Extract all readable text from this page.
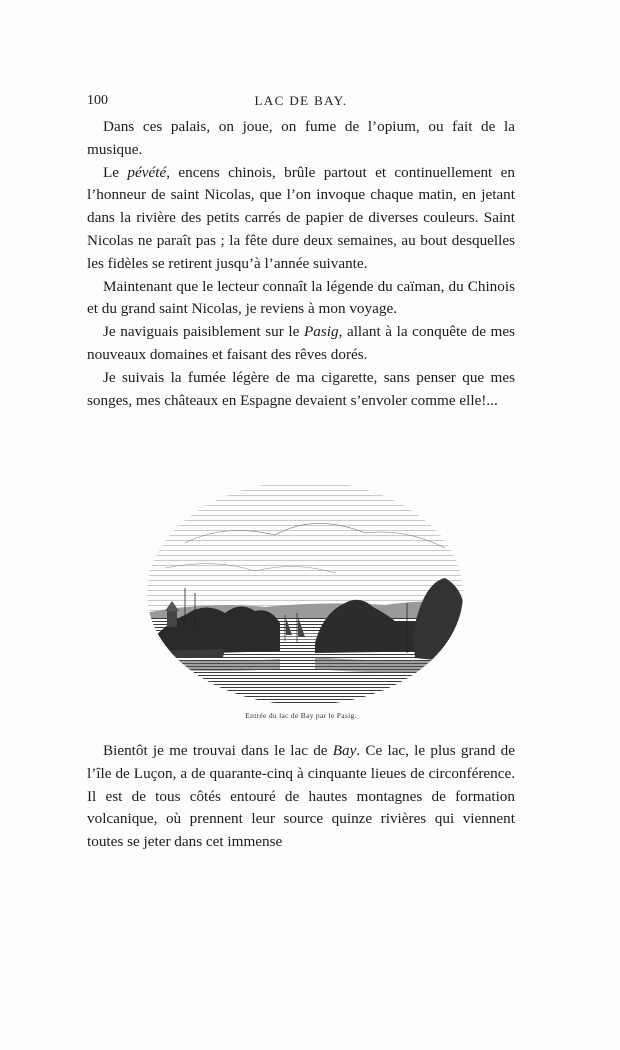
100	LAC DE BAY.

Dans ces palais, on joue, on fume de l’opium, ou fait de la musique.

Le pévété, encens chinois, brûle partout et continuellement en l’honneur de saint Nicolas, que l’on invoque chaque matin, en jetant dans la rivière des petits carrés de papier de diverses couleurs. Saint Nicolas ne paraît pas ; la fête dure deux semaines, au bout desquelles les fidèles se retirent jusqu’à l’année suivante.

Maintenant que le lecteur connaît la légende du caïman, du Chinois et du grand saint Nicolas, je reviens à mon voyage.

Je naviguais paisiblement sur le Pasig, allant à la conquête de mes nouveaux domaines et faisant des rêves dorés.

Je suivais la fumée légère de ma cigarette, sans penser que mes songes, mes châteaux en Espagne devaient s’envoler comme elle!...

Entrée du lac de Bay par le Pasig.

Bientôt je me trouvai dans le lac de Bay. Ce lac, le plus grand de l’île de Luçon, a de quarante-cinq à cinquante lieues de circonférence. Il est de tous côtés entouré de hautes montagnes de formation volcanique, où prennent leur source quinze rivières qui viennent toutes se jeter dans cet immense
